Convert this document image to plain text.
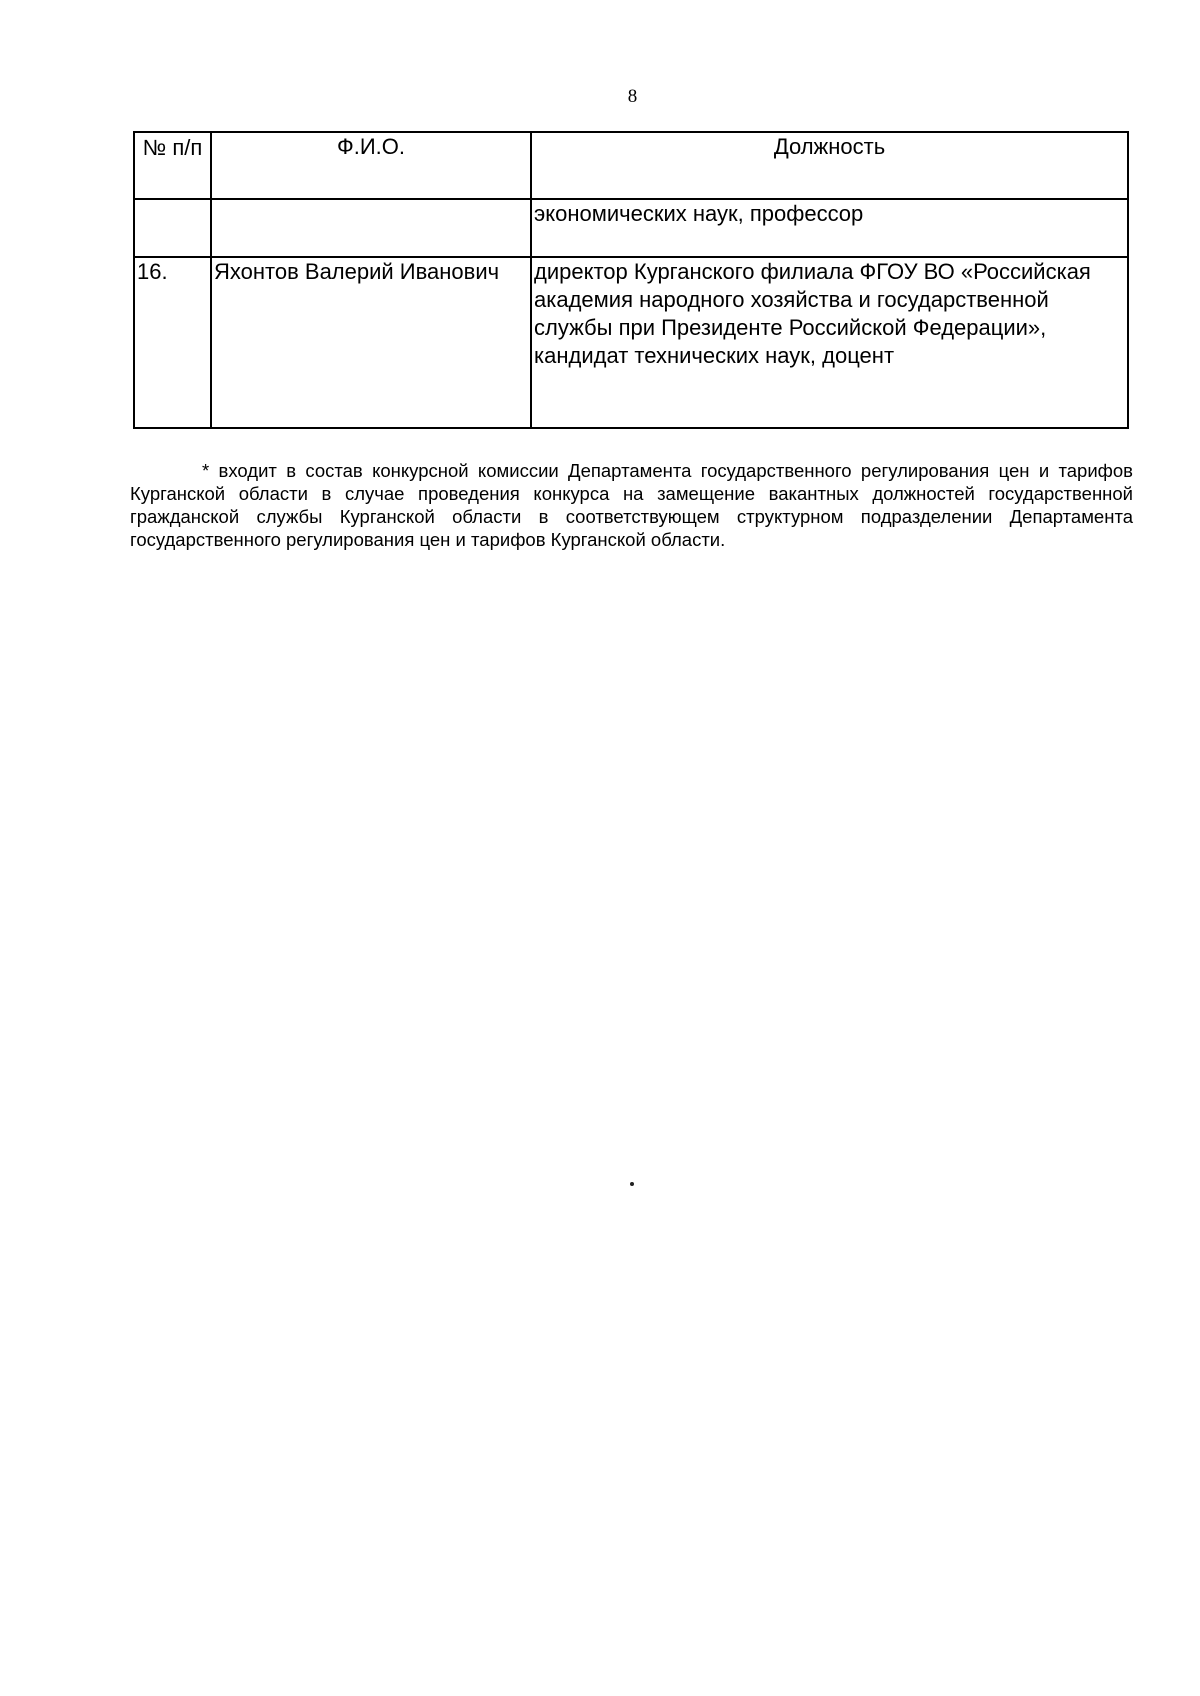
8
№ п/п	Ф.И.О.	Должность
		экономических наук, профессор
16.	Яхонтов Валерий Иванович	директор Курганского филиала ФГОУ ВО «Российская академия народного хозяйства и государственной службы при Президенте Российской Федерации», кандидат технических наук, доцент
* входит в состав конкурсной комиссии Департамента государственного регулирования цен и тарифов Курганской области в случае проведения конкурса на замещение вакантных должностей государственной гражданской службы Курганской области в соответствующем структурном подразделении Департамента государственного регулирования цен и тарифов Курганской области.
